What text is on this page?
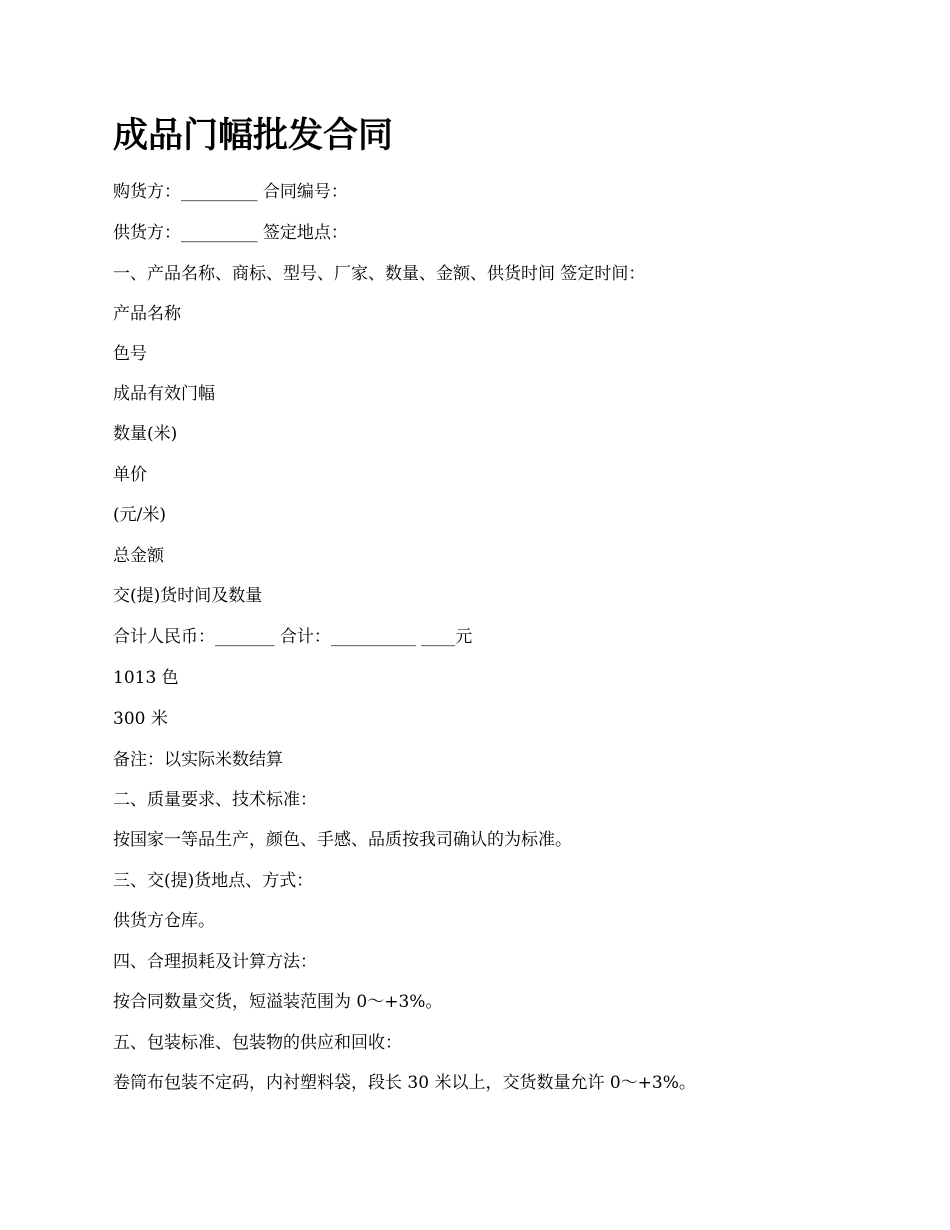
成品门幅批发合同
购货方：_________ 合同编号：
供货方：_________ 签定地点：
一、产品名称、商标、型号、厂家、数量、金额、供货时间 签定时间：
产品名称
色号
成品有效门幅
数量(米)
单价
(元/米)
总金额
交(提)货时间及数量
合计人民币：_______ 合计：__________ ____元
1013 色
300 米
备注：以实际米数结算
二、质量要求、技术标准：
按国家一等品生产，颜色、手感、品质按我司确认的为标准。
三、交(提)货地点、方式：
供货方仓库。
四、合理损耗及计算方法：
按合同数量交货，短溢装范围为 0～+3%。
五、包装标准、包装物的供应和回收：
卷筒布包装不定码，内衬塑料袋，段长 30 米以上，交货数量允许 0～+3%。
